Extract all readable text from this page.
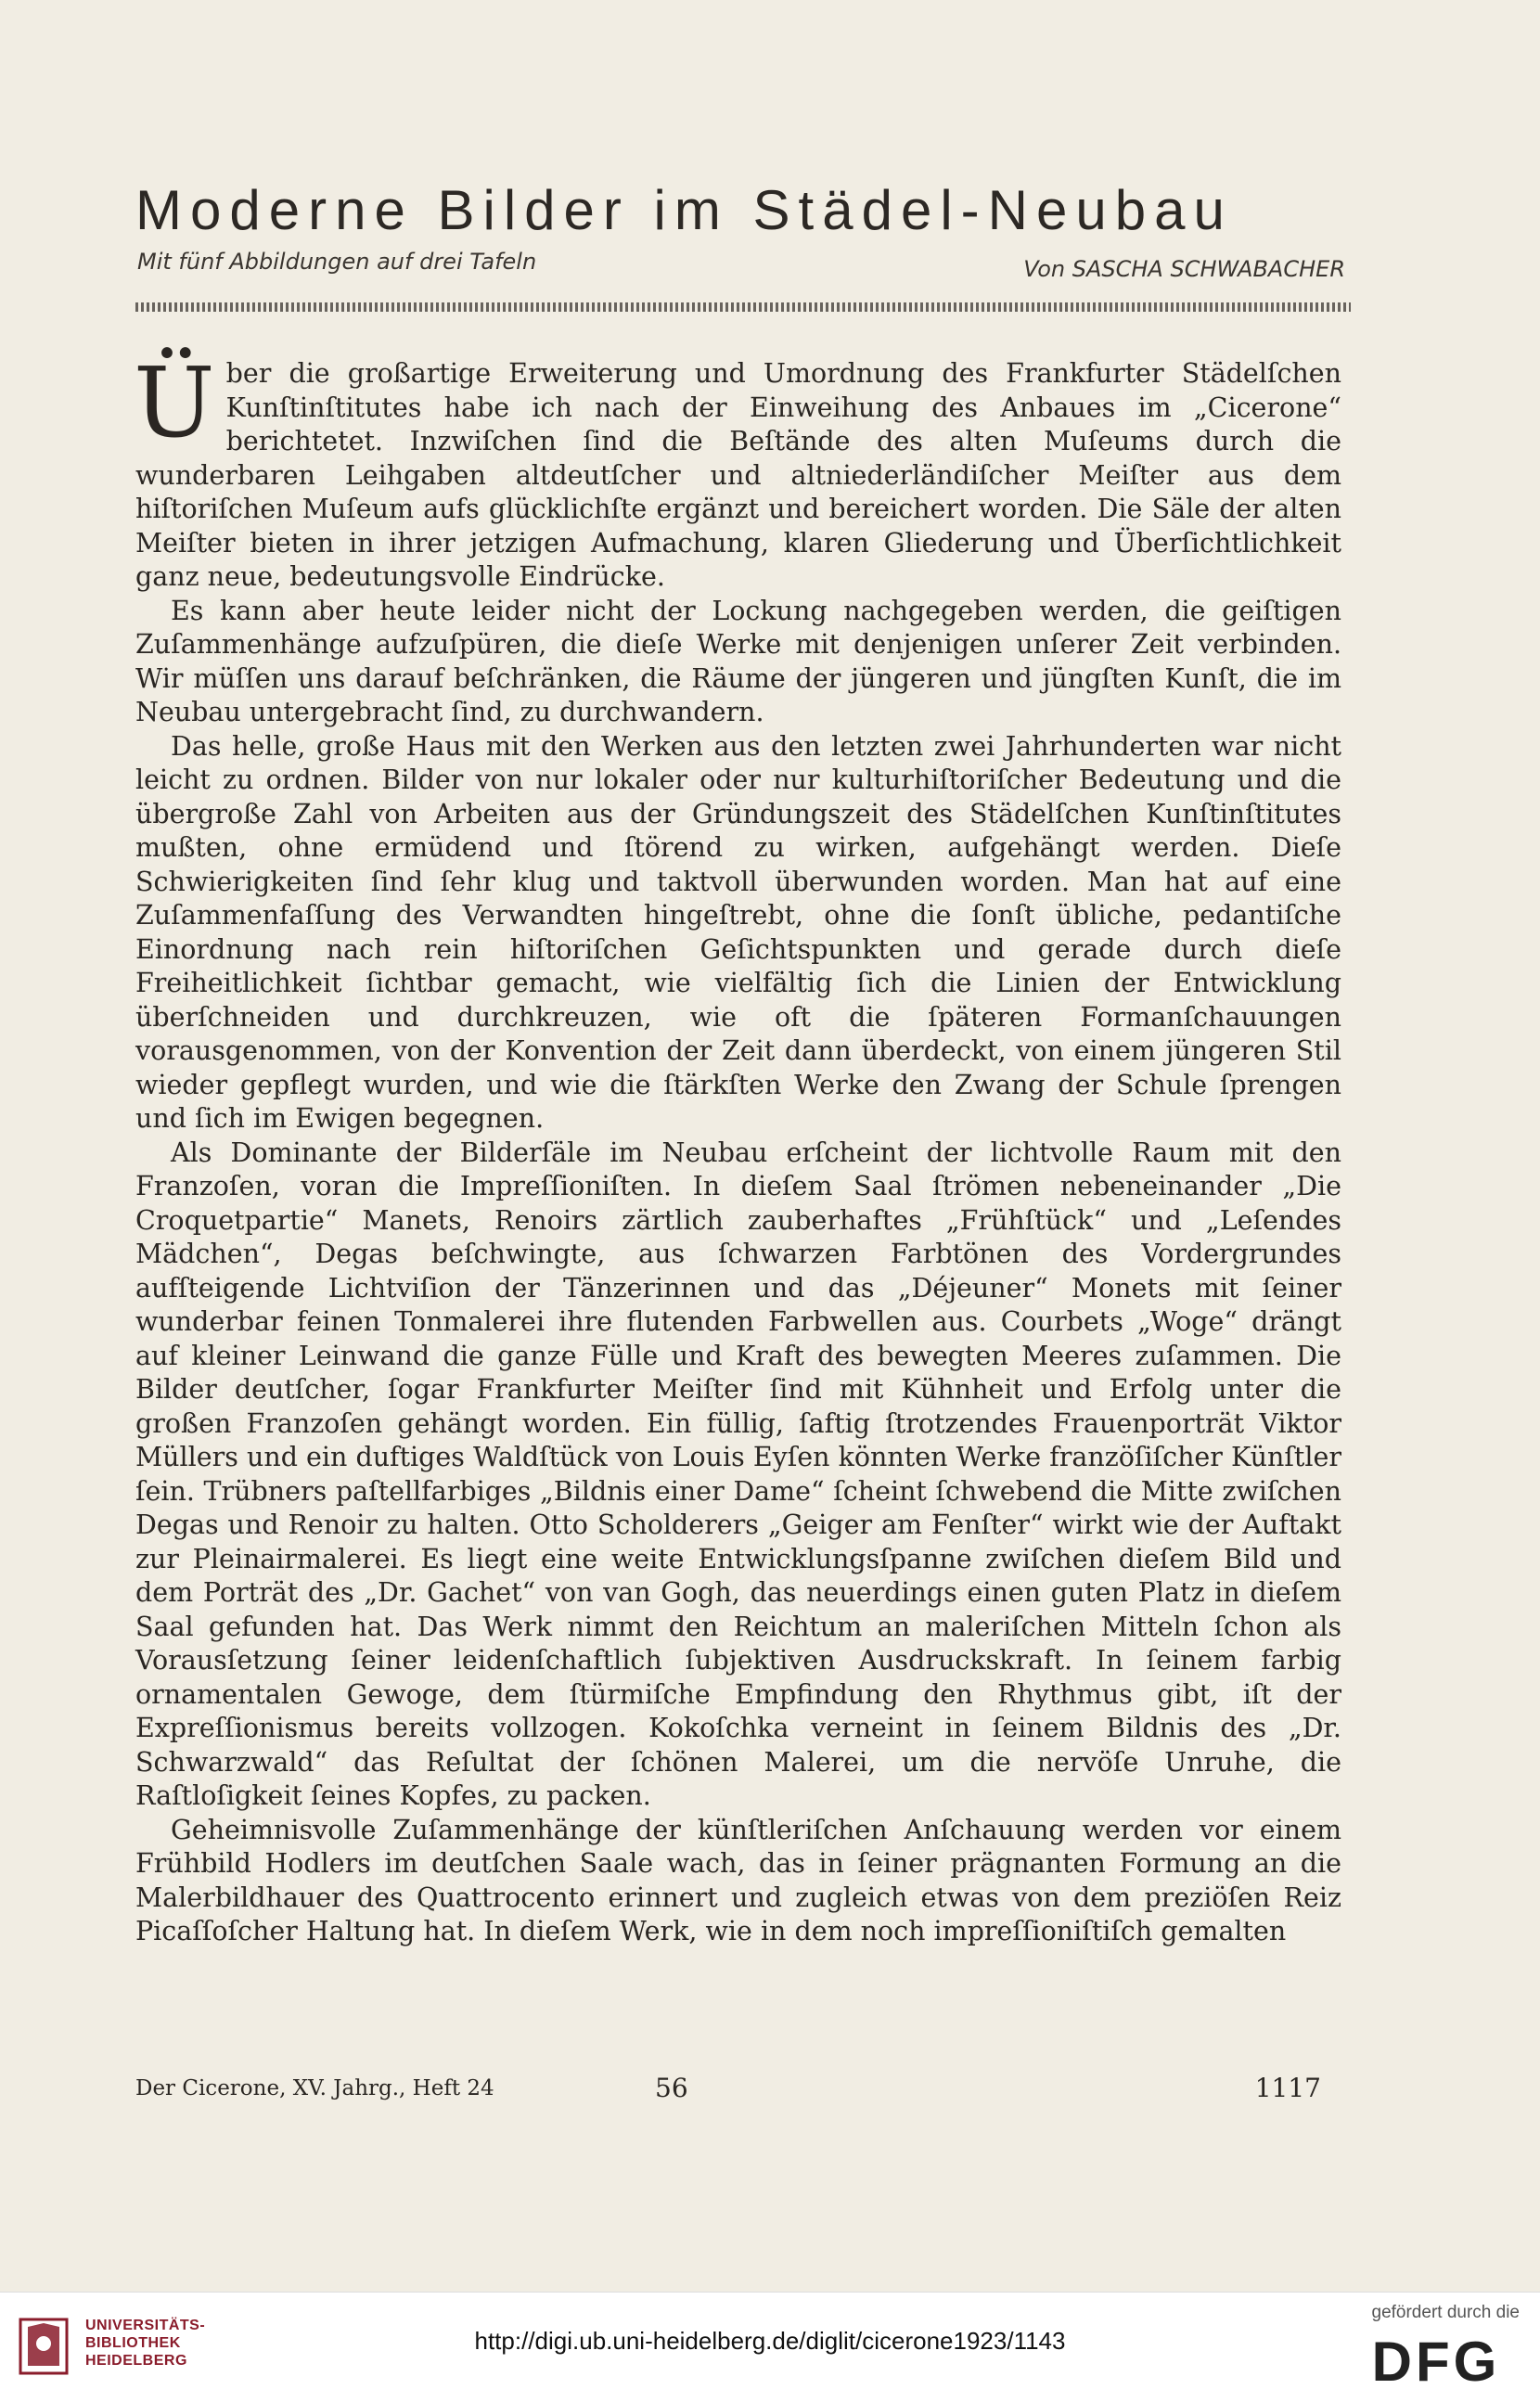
Moderne Bilder im Städel-Neubau
Mit fünf Abbildungen auf drei Tafeln	Von SASCHA SCHWABACHER

Über die großartige Erweiterung und Umordnung des Frankfurter Städelſchen Kunſtinſtitutes habe ich nach der Einweihung des Anbaues im „Cicerone“ berichtetet. Inzwiſchen ſind die Beſtände des alten Muſeums durch die wunderbaren Leihgaben altdeutſcher und altniederländiſcher Meiſter aus dem hiſtoriſchen Muſeum aufs glücklichſte ergänzt und bereichert worden. Die Säle der alten Meiſter bieten in ihrer jetzigen Aufmachung, klaren Gliederung und Überſichtlichkeit ganz neue, bedeutungsvolle Eindrücke.

Es kann aber heute leider nicht der Lockung nachgegeben werden, die geiſtigen Zuſammenhänge aufzuſpüren, die dieſe Werke mit denjenigen unſerer Zeit verbinden. Wir müſſen uns darauf beſchränken, die Räume der jüngeren und jüngſten Kunſt, die im Neubau untergebracht ſind, zu durchwandern.

Das helle, große Haus mit den Werken aus den letzten zwei Jahrhunderten war nicht leicht zu ordnen. Bilder von nur lokaler oder nur kulturhiſtoriſcher Bedeutung und die übergroße Zahl von Arbeiten aus der Gründungszeit des Städelſchen Kunſtinſtitutes mußten, ohne ermüdend und ſtörend zu wirken, aufgehängt werden. Dieſe Schwierigkeiten ſind ſehr klug und taktvoll überwunden worden. Man hat auf eine Zuſammenfaſſung des Verwandten hingeſtrebt, ohne die ſonſt übliche, pedantiſche Einordnung nach rein hiſtoriſchen Geſichtspunkten und gerade durch dieſe Freiheitlichkeit ſichtbar gemacht, wie vielfältig ſich die Linien der Entwicklung überſchneiden und durchkreuzen, wie oft die ſpäteren Formanſchauungen vorausgenommen, von der Konvention der Zeit dann überdeckt, von einem jüngeren Stil wieder gepflegt wurden, und wie die ſtärkſten Werke den Zwang der Schule ſprengen und ſich im Ewigen begegnen.

Als Dominante der Bilderſäle im Neubau erſcheint der lichtvolle Raum mit den Franzoſen, voran die Impreſſioniſten. In dieſem Saal ſtrömen nebeneinander „Die Croquetpartie“ Manets, Renoirs zärtlich zauberhaftes „Frühſtück“ und „Leſendes Mädchen“, Degas beſchwingte, aus ſchwarzen Farbtönen des Vordergrundes aufſteigende Lichtviſion der Tänzerinnen und das „Déjeuner“ Monets mit ſeiner wunderbar feinen Tonmalerei ihre flutenden Farbwellen aus. Courbets „Woge“ drängt auf kleiner Leinwand die ganze Fülle und Kraft des bewegten Meeres zuſammen. Die Bilder deutſcher, ſogar Frankfurter Meiſter ſind mit Kühnheit und Erfolg unter die großen Franzoſen gehängt worden. Ein füllig, ſaftig ſtrotzendes Frauenporträt Viktor Müllers und ein duftiges Waldſtück von Louis Eyſen könnten Werke franzöſiſcher Künſtler ſein. Trübners paſtellfarbiges „Bildnis einer Dame“ ſcheint ſchwebend die Mitte zwiſchen Degas und Renoir zu halten. Otto Scholderers „Geiger am Fenſter“ wirkt wie der Auftakt zur Pleinairmalerei. Es liegt eine weite Entwicklungsſpanne zwiſchen dieſem Bild und dem Porträt des „Dr. Gachet“ von van Gogh, das neuerdings einen guten Platz in dieſem Saal gefunden hat. Das Werk nimmt den Reichtum an maleriſchen Mitteln ſchon als Vorausſetzung ſeiner leidenſchaftlich ſubjektiven Ausdruckskraft. In ſeinem farbig ornamentalen Gewoge, dem ſtürmiſche Empfindung den Rhythmus gibt, iſt der Expreſſionismus bereits vollzogen. Kokoſchka verneint in ſeinem Bildnis des „Dr. Schwarzwald“ das Reſultat der ſchönen Malerei, um die nervöſe Unruhe, die Raſtloſigkeit ſeines Kopfes, zu packen.

Geheimnisvolle Zuſammenhänge der künſtleriſchen Anſchauung werden vor einem Frühbild Hodlers im deutſchen Saale wach, das in ſeiner prägnanten Formung an die Malerbildhauer des Quattrocento erinnert und zugleich etwas von dem preziöſen Reiz Picaſſoſcher Haltung hat. In dieſem Werk, wie in dem noch impreſſioniſtiſch gemalten

Der Cicerone, XV. Jahrg., Heft 24	56	1117
UNIVERSITÄTS-
BIBLIOTHEK
HEIDELBERG
http://digi.ub.uni-heidelberg.de/diglit/cicerone1923/1143
gefördert durch die
DFG
